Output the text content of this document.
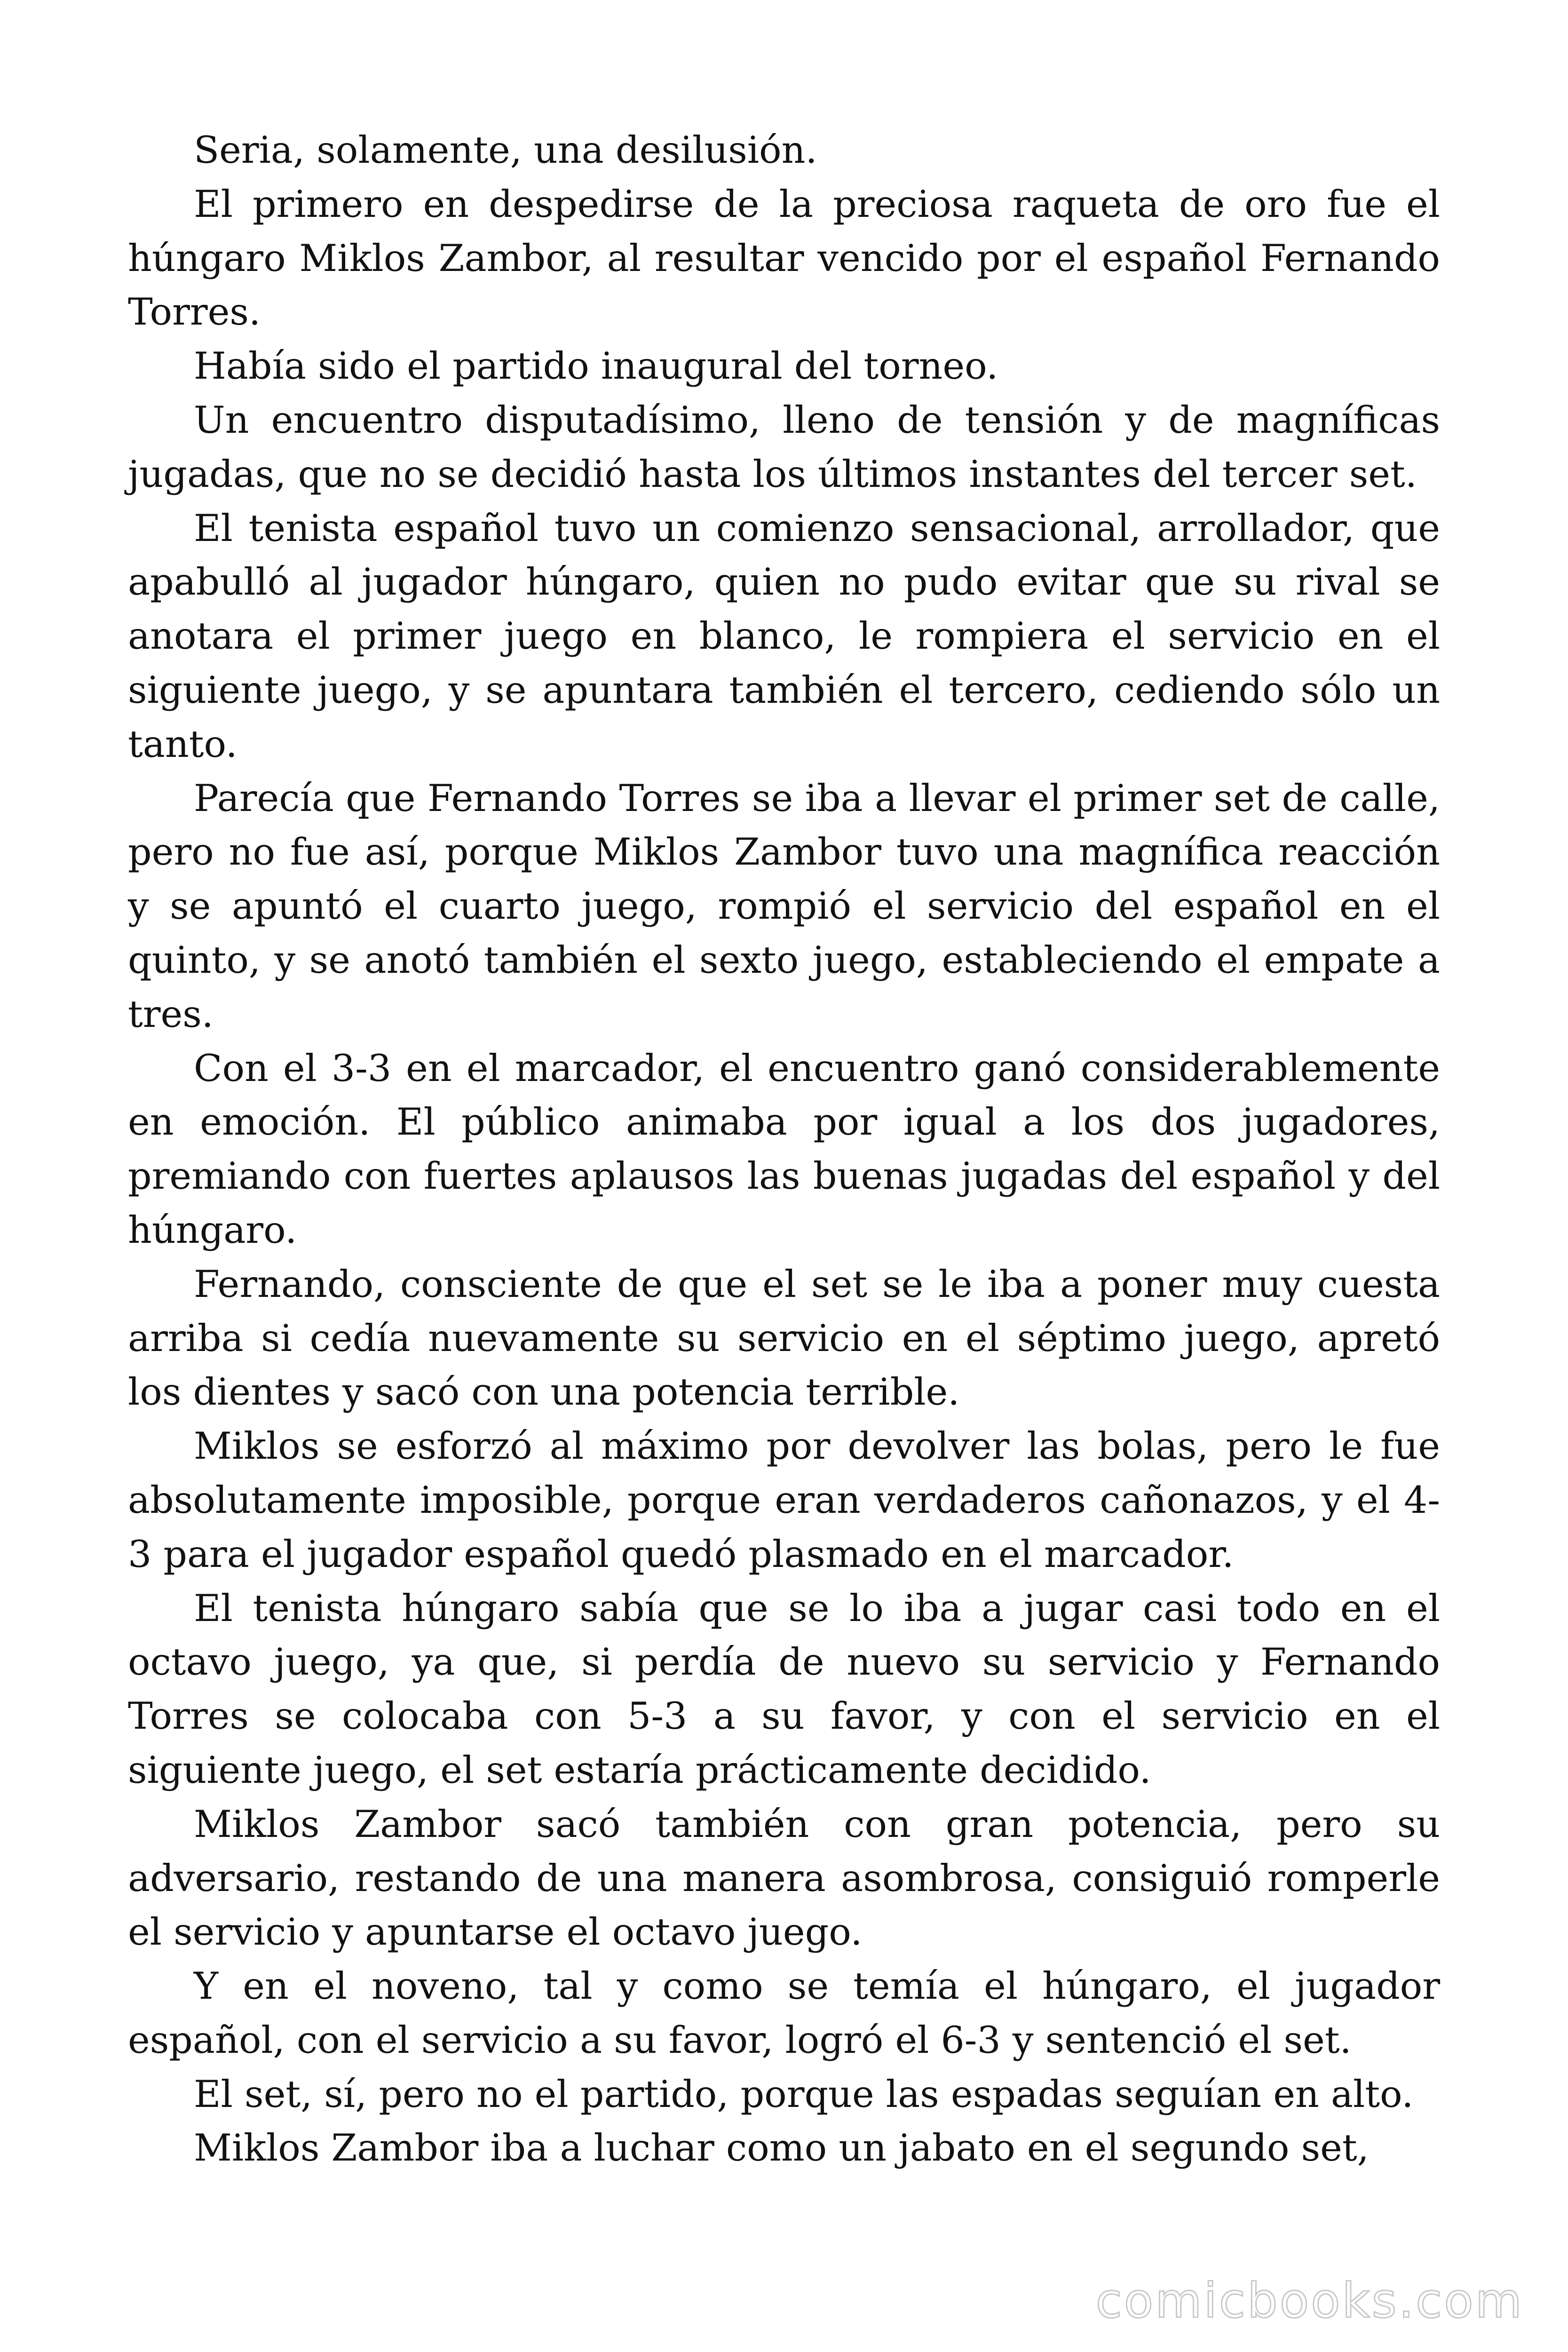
Seria, solamente, una desilusión.

El primero en despedirse de la preciosa raqueta de oro fue el húngaro Miklos Zambor, al resultar vencido por el español Fernando Torres.

Había sido el partido inaugural del torneo.

Un encuentro disputadísimo, lleno de tensión y de magníficas jugadas, que no se decidió hasta los últimos instantes del tercer set.

El tenista español tuvo un comienzo sensacional, arrollador, que apabulló al jugador húngaro, quien no pudo evitar que su rival se anotara el primer juego en blanco, le rompiera el servicio en el siguiente juego, y se apuntara también el tercero, cediendo sólo un tanto.

Parecía que Fernando Torres se iba a llevar el primer set de calle, pero no fue así, porque Miklos Zambor tuvo una magnífica reacción y se apuntó el cuarto juego, rompió el servicio del español en el quinto, y se anotó también el sexto juego, estableciendo el empate a tres.

Con el 3-3 en el marcador, el encuentro ganó considerablemente en emoción. El público animaba por igual a los dos jugadores, premiando con fuertes aplausos las buenas jugadas del español y del húngaro.

Fernando, consciente de que el set se le iba a poner muy cuesta arriba si cedía nuevamente su servicio en el séptimo juego, apretó los dientes y sacó con una potencia terrible.

Miklos se esforzó al máximo por devolver las bolas, pero le fue absolutamente imposible, porque eran verdaderos cañonazos, y el 4-3 para el jugador español quedó plasmado en el marcador.

El tenista húngaro sabía que se lo iba a jugar casi todo en el octavo juego, ya que, si perdía de nuevo su servicio y Fernando Torres se colocaba con 5-3 a su favor, y con el servicio en el siguiente juego, el set estaría prácticamente decidido.

Miklos Zambor sacó también con gran potencia, pero su adversario, restando de una manera asombrosa, consiguió romperle el servicio y apuntarse el octavo juego.

Y en el noveno, tal y como se temía el húngaro, el jugador español, con el servicio a su favor, logró el 6-3 y sentenció el set.

El set, sí, pero no el partido, porque las espadas seguían en alto.

Miklos Zambor iba a luchar como un jabato en el segundo set,

comicbooks.com
